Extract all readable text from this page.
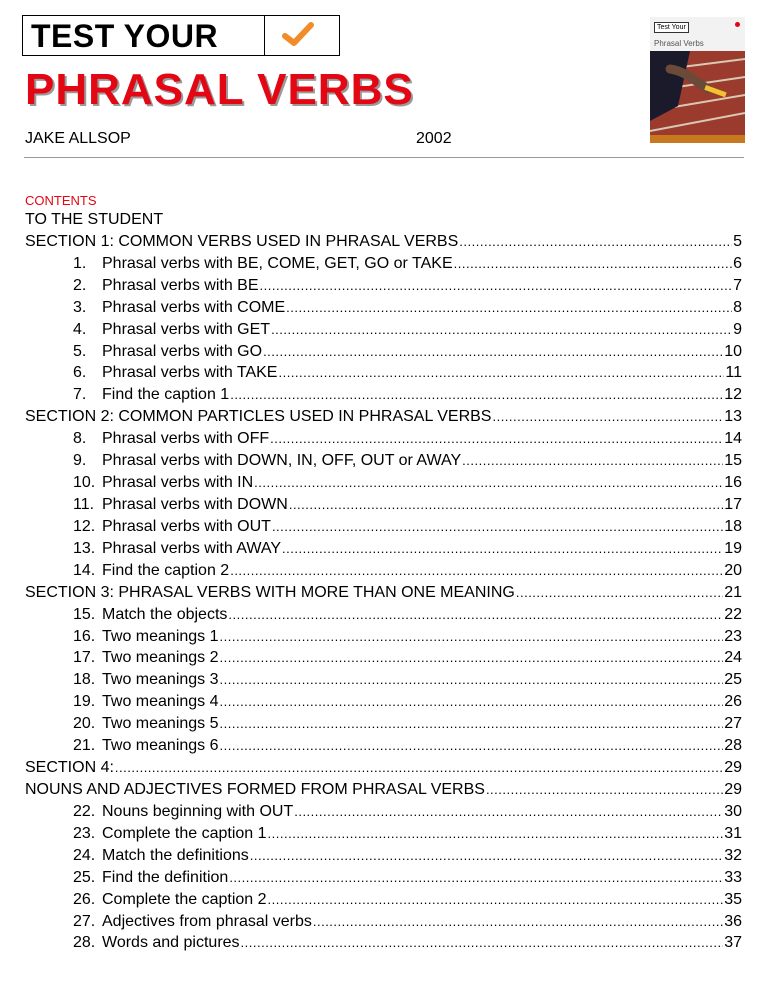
TEST YOUR
PHRASAL VERBS
JAKE ALLSOP	2002
Test Your
Phrasal Verbs
CONTENTS
TO THE STUDENT
SECTION 1: COMMON VERBS USED IN PHRASAL VERBS .....	5
1. Phrasal verbs with BE, COME, GET, GO or TAKE .....	6
2. Phrasal verbs with BE .....	7
3. Phrasal verbs with COME .....	8
4. Phrasal verbs with GET .....	9
5. Phrasal verbs with GO .....	10
6. Phrasal verbs with TAKE .....	11
7. Find the caption 1 .....	12
SECTION 2: COMMON PARTICLES USED IN PHRASAL VERBS .....	13
8. Phrasal verbs with OFF .....	14
9. Phrasal verbs with DOWN, IN, OFF, OUT or AWAY .....	15
10. Phrasal verbs with IN .....	16
11. Phrasal verbs with DOWN .....	17
12. Phrasal verbs with OUT .....	18
13. Phrasal verbs with AWAY .....	19
14. Find the caption 2 .....	20
SECTION 3: PHRASAL VERBS WITH MORE THAN ONE MEANING .....	21
15. Match the objects .....	22
16. Two meanings 1 .....	23
17. Two meanings 2 .....	24
18. Two meanings 3 .....	25
19. Two meanings 4 .....	26
20. Two meanings 5 .....	27
21. Two meanings 6 .....	28
SECTION 4: .....	29
NOUNS AND ADJECTIVES FORMED FROM PHRASAL VERBS .....	29
22. Nouns beginning with OUT .....	30
23. Complete the caption 1 .....	31
24. Match the definitions .....	32
25. Find the definition .....	33
26. Complete the caption 2 .....	35
27. Adjectives from phrasal verbs .....	36
28. Words and pictures .....	37
